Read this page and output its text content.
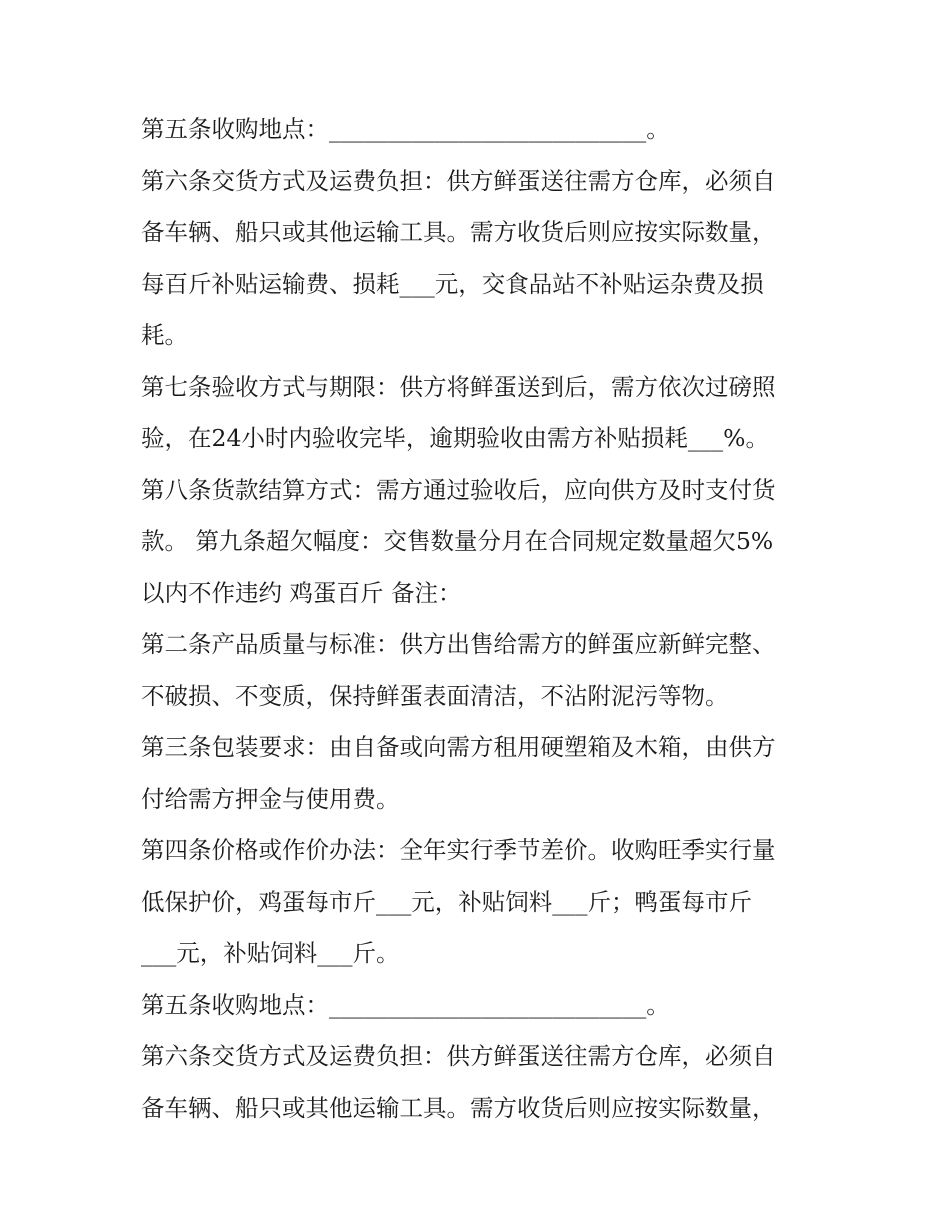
第五条收购地点：___________________________。
第六条交货方式及运费负担：供方鲜蛋送往需方仓库，必须自
备车辆、船只或其他运输工具。需方收货后则应按实际数量，
每百斤补贴运输费、损耗___元，交食品站不补贴运杂费及损
耗。
第七条验收方式与期限：供方将鲜蛋送到后，需方依次过磅照
验，在24小时内验收完毕，逾期验收由需方补贴损耗___%。
第八条货款结算方式：需方通过验收后，应向供方及时支付货
款。 第九条超欠幅度：交售数量分月在合同规定数量超欠5%
以内不作违约 鸡蛋百斤 备注：
第二条产品质量与标准：供方出售给需方的鲜蛋应新鲜完整、
不破损、不变质，保持鲜蛋表面清洁，不沾附泥污等物。
第三条包装要求：由自备或向需方租用硬塑箱及木箱，由供方
付给需方押金与使用费。
第四条价格或作价办法：全年实行季节差价。收购旺季实行量
低保护价，鸡蛋每市斤___元，补贴饲料___斤；鸭蛋每市斤
___元，补贴饲料___斤。
第五条收购地点：___________________________。
第六条交货方式及运费负担：供方鲜蛋送往需方仓库，必须自
备车辆、船只或其他运输工具。需方收货后则应按实际数量，
